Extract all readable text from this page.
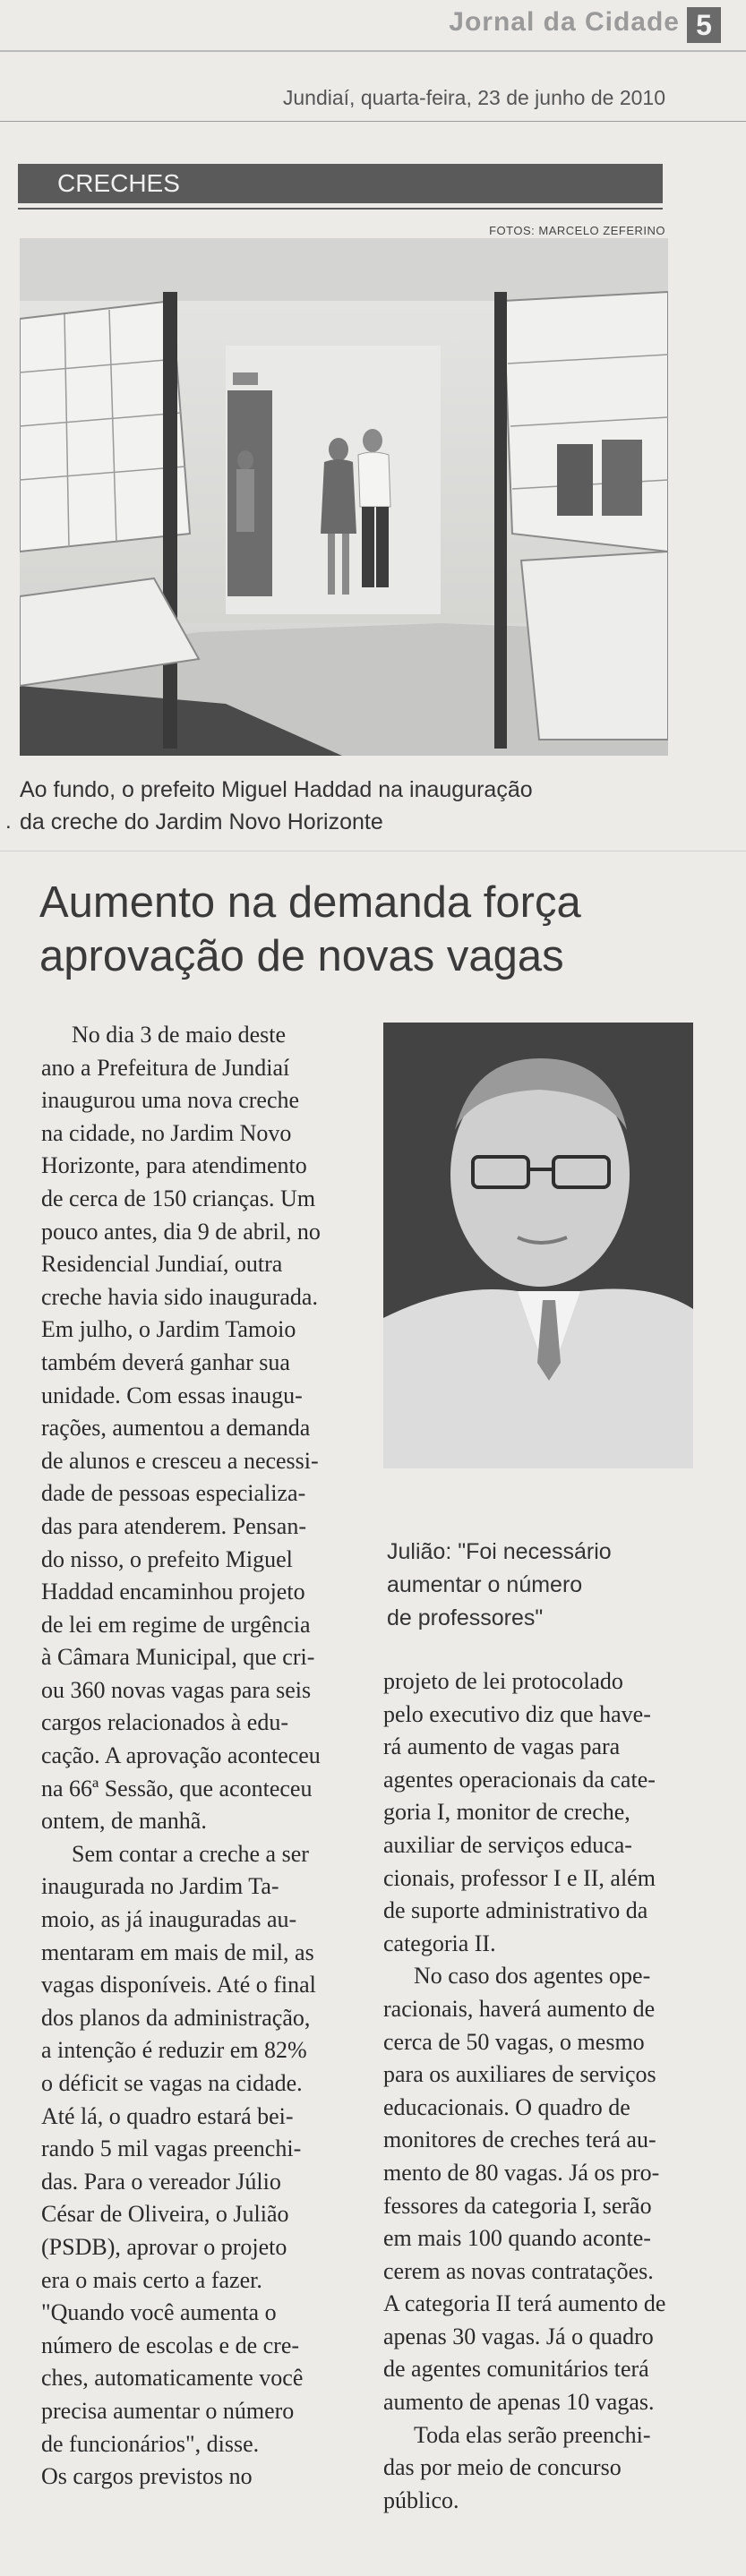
Jornal da Cidade 5
Jundiaí, quarta-feira, 23 de junho de 2010
CRECHES
FOTOS: MARCELO ZEFERINO
.
Ao fundo, o prefeito Miguel Haddad na inauguração
da creche do Jardim Novo Horizonte
Aumento na demanda força
aprovação de novas vagas
Julião: "Foi necessário
aumentar o número
de professores"
No dia 3 de maio deste
ano a Prefeitura de Jundiaí
inaugurou uma nova creche
na cidade, no Jardim Novo
Horizonte, para atendimento
de cerca de 150 crianças. Um
pouco antes, dia 9 de abril, no
Residencial Jundiaí, outra
creche havia sido inaugurada.
Em julho, o Jardim Tamoio
também deverá ganhar sua
unidade. Com essas inaugu-
rações, aumentou a demanda
de alunos e cresceu a necessi-
dade de pessoas especializa-
das para atenderem. Pensan-
do nisso, o prefeito Miguel
Haddad encaminhou projeto
de lei em regime de urgência
à Câmara Municipal, que cri-
ou 360 novas vagas para seis
cargos relacionados à edu-
cação. A aprovação aconteceu
na 66ª Sessão, que aconteceu
ontem, de manhã.
Sem contar a creche a ser
inaugurada no Jardim Ta-
moio, as já inauguradas au-
mentaram em mais de mil, as
vagas disponíveis. Até o final
dos planos da administração,
a intenção é reduzir em 82%
o déficit se vagas na cidade.
Até lá, o quadro estará bei-
rando 5 mil vagas preenchi-
das. Para o vereador Júlio
César de Oliveira, o Julião
(PSDB), aprovar o projeto
era o mais certo a fazer.
"Quando você aumenta o
número de escolas e de cre-
ches, automaticamente você
precisa aumentar o número
de funcionários", disse.
Os cargos previstos no
projeto de lei protocolado
pelo executivo diz que have-
rá aumento de vagas para
agentes operacionais da cate-
goria I, monitor de creche,
auxiliar de serviços educa-
cionais, professor I e II, além
de suporte administrativo da
categoria II.
No caso dos agentes ope-
racionais, haverá aumento de
cerca de 50 vagas, o mesmo
para os auxiliares de serviços
educacionais. O quadro de
monitores de creches terá au-
mento de 80 vagas. Já os pro-
fessores da categoria I, serão
em mais 100 quando aconte-
cerem as novas contratações.
A categoria II terá aumento de
apenas 30 vagas. Já o quadro
de agentes comunitários terá
aumento de apenas 10 vagas.
Toda elas serão preenchi-
das por meio de concurso
público.
